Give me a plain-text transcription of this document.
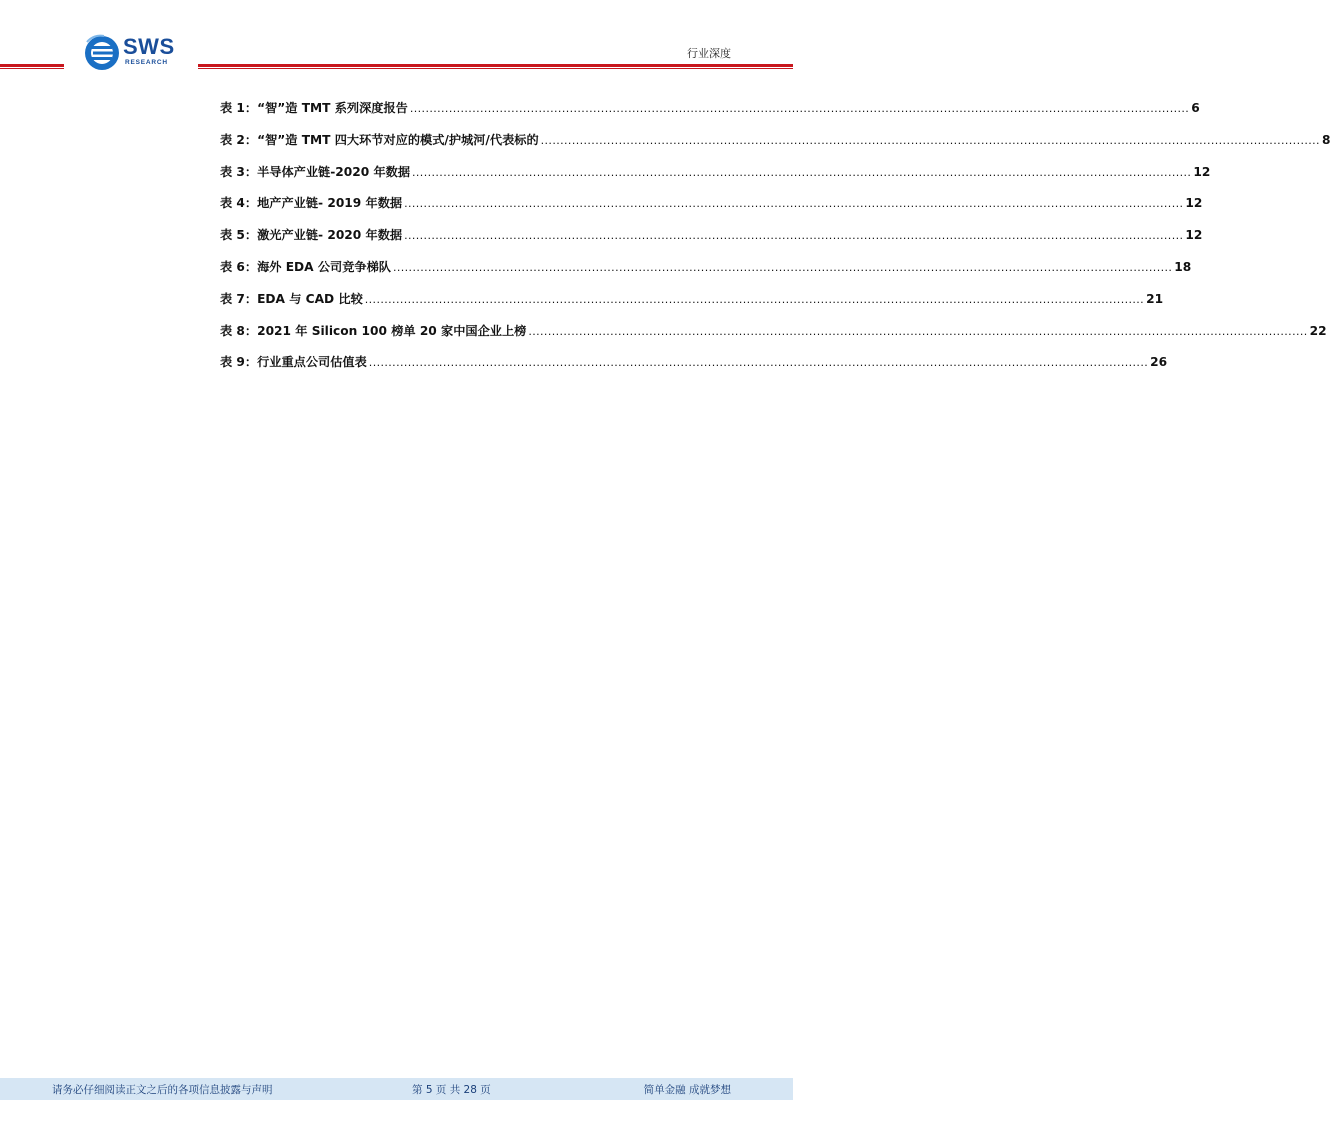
SWS
RESEARCH
行业深度
表 1：“智”造 TMT 系列深度报告 ........................................................................................................................................................................................................ 6
表 2：“智”造 TMT 四大环节对应的模式/护城河/代表标的 ........................................................................................................................................................................................................ 8
表 3：半导体产业链-2020 年数据 ........................................................................................................................................................................................................ 12
表 4：地产产业链- 2019 年数据 ........................................................................................................................................................................................................ 12
表 5：激光产业链- 2020 年数据 ........................................................................................................................................................................................................ 12
表 6：海外 EDA 公司竞争梯队 ........................................................................................................................................................................................................ 18
表 7：EDA 与 CAD 比较 ........................................................................................................................................................................................................ 21
表 8：2021 年 Silicon 100 榜单 20 家中国企业上榜 ........................................................................................................................................................................................................ 22
表 9：行业重点公司估值表 ........................................................................................................................................................................................................ 26
请务必仔细阅读正文之后的各项信息披露与声明	第 5 页 共 28 页	简单金融 成就梦想
